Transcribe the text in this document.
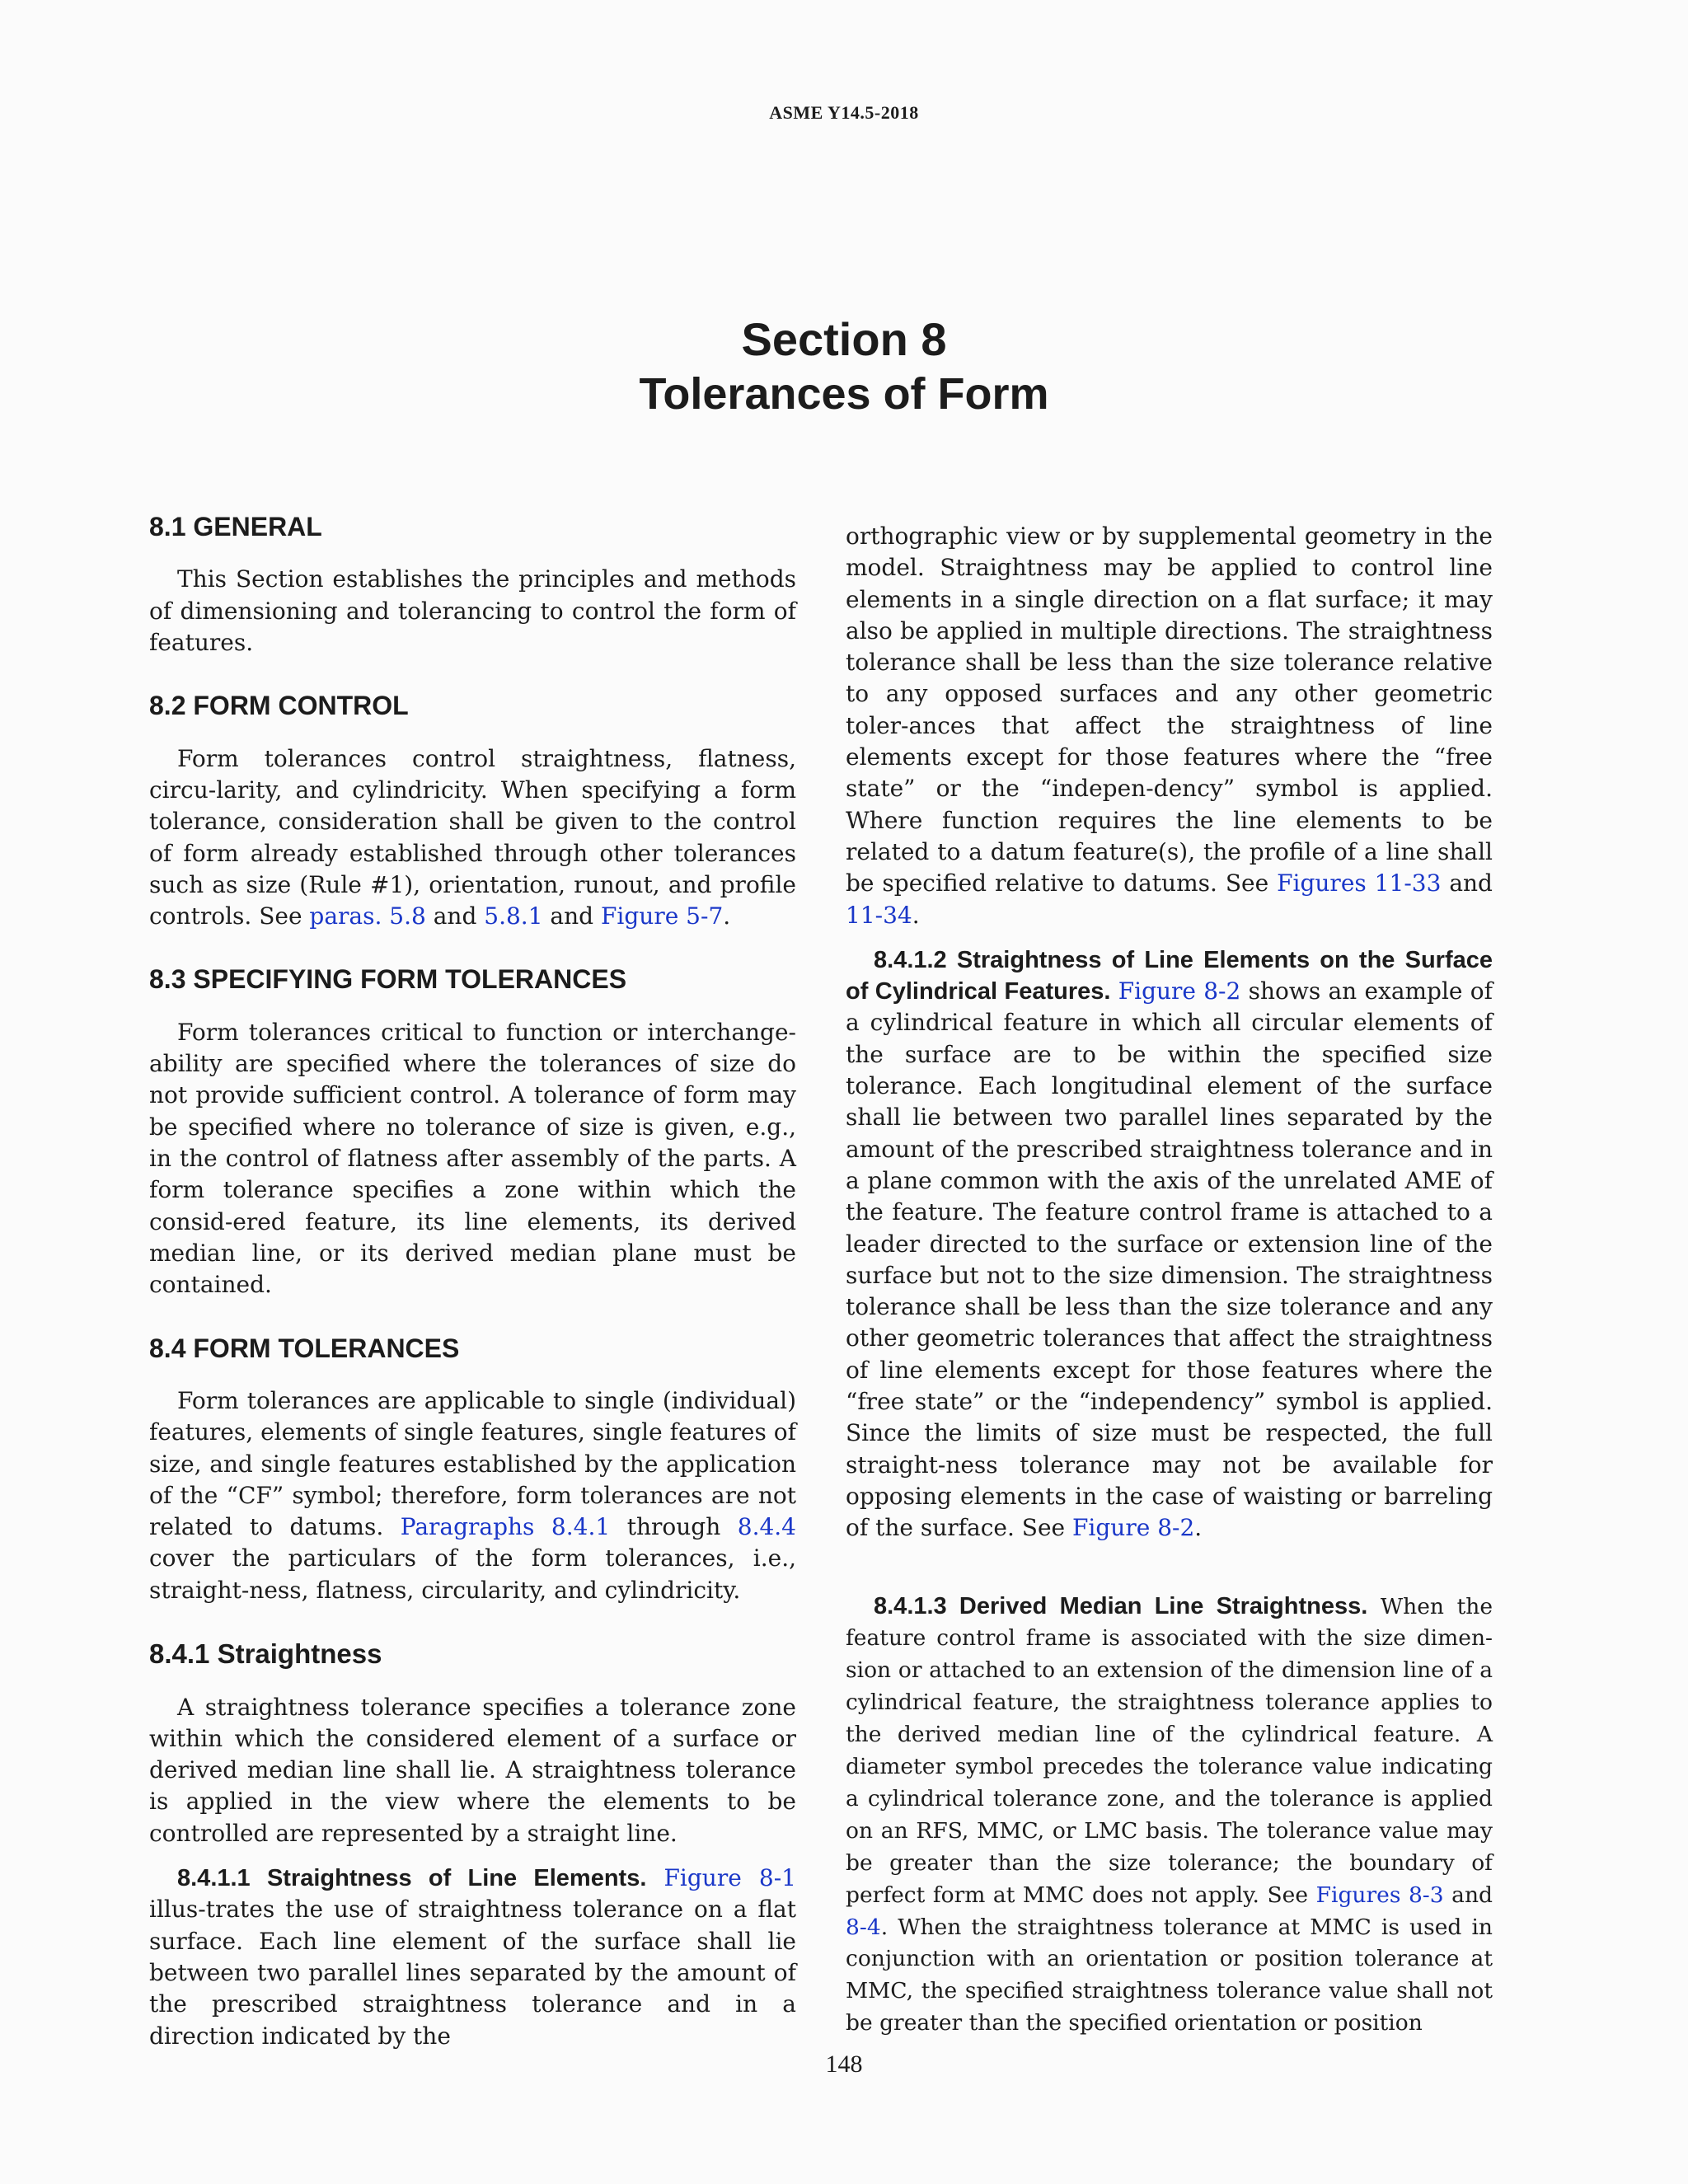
ASME Y14.5-2018
Section 8
Tolerances of Form
8.1 GENERAL

This Section establishes the principles and methods of dimensioning and tolerancing to control the form of features.

8.2 FORM CONTROL

Form tolerances control straightness, flatness, circu-larity, and cylindricity. When specifying a form tolerance, consideration shall be given to the control of form already established through other tolerances such as size (Rule #1), orientation, runout, and profile controls. See paras. 5.8 and 5.8.1 and Figure 5-7.

8.3 SPECIFYING FORM TOLERANCES

Form tolerances critical to function or interchange-ability are specified where the tolerances of size do not provide sufficient control. A tolerance of form may be specified where no tolerance of size is given, e.g., in the control of flatness after assembly of the parts. A form tolerance specifies a zone within which the consid-ered feature, its line elements, its derived median line, or its derived median plane must be contained.

8.4 FORM TOLERANCES

Form tolerances are applicable to single (individual) features, elements of single features, single features of size, and single features established by the application of the “CF” symbol; therefore, form tolerances are not related to datums. Paragraphs 8.4.1 through 8.4.4 cover the particulars of the form tolerances, i.e., straight-ness, flatness, circularity, and cylindricity.

8.4.1 Straightness

A straightness tolerance specifies a tolerance zone within which the considered element of a surface or derived median line shall lie. A straightness tolerance is applied in the view where the elements to be controlled are represented by a straight line.

8.4.1.1 Straightness of Line Elements. Figure 8-1 illus-trates the use of straightness tolerance on a flat surface. Each line element of the surface shall lie between two parallel lines separated by the amount of the prescribed straightness tolerance and in a direction indicated by the

orthographic view or by supplemental geometry in the model. Straightness may be applied to control line elements in a single direction on a flat surface; it may also be applied in multiple directions. The straightness tolerance shall be less than the size tolerance relative to any opposed surfaces and any other geometric toler-ances that affect the straightness of line elements except for those features where the “free state” or the “indepen-dency” symbol is applied. Where function requires the line elements to be related to a datum feature(s), the profile of a line shall be specified relative to datums. See Figures 11-33 and 11-34.

8.4.1.2 Straightness of Line Elements on the Surface of Cylindrical Features. Figure 8-2 shows an example of a cylindrical feature in which all circular elements of the surface are to be within the specified size tolerance. Each longitudinal element of the surface shall lie between two parallel lines separated by the amount of the prescribed straightness tolerance and in a plane common with the axis of the unrelated AME of the feature. The feature control frame is attached to a leader directed to the surface or extension line of the surface but not to the size dimension. The straightness tolerance shall be less than the size tolerance and any other geometric tolerances that affect the straightness of line elements except for those features where the “free state” or the “independency” symbol is applied. Since the limits of size must be respected, the full straight-ness tolerance may not be available for opposing elements in the case of waisting or barreling of the surface. See Figure 8-2.

8.4.1.3 Derived Median Line Straightness. When the feature control frame is associated with the size dimen-sion or attached to an extension of the dimension line of a cylindrical feature, the straightness tolerance applies to the derived median line of the cylindrical feature. A diameter symbol precedes the tolerance value indicating a cylindrical tolerance zone, and the tolerance is applied on an RFS, MMC, or LMC basis. The tolerance value may be greater than the size tolerance; the boundary of perfect form at MMC does not apply. See Figures 8-3 and 8-4. When the straightness tolerance at MMC is used in conjunction with an orientation or position tolerance at MMC, the specified straightness tolerance value shall not be greater than the specified orientation or position

148
